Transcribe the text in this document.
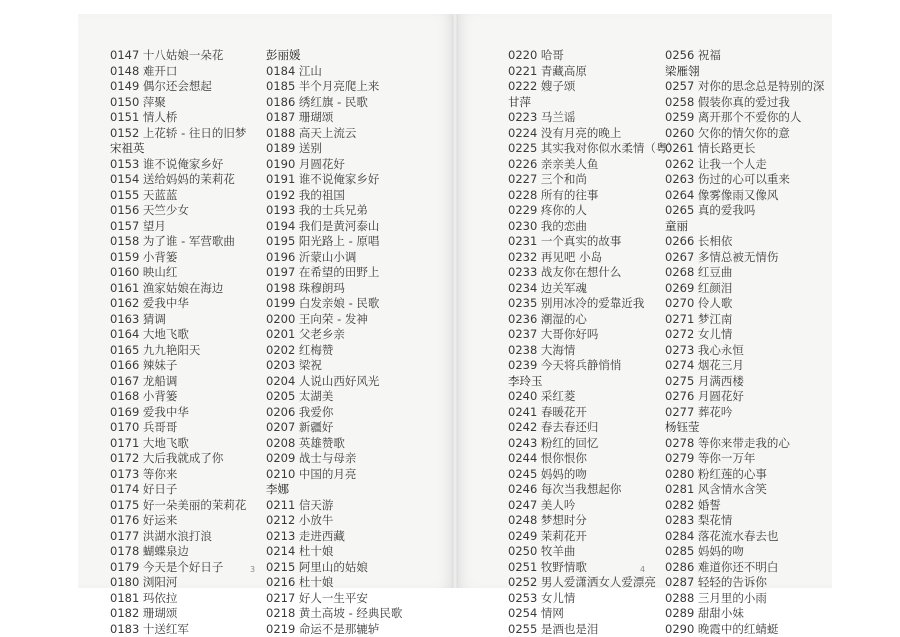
0147 十八姑娘一朵花
0148 难开口
0149 偶尔还会想起
0150 萍聚
0151 情人桥
0152 上花轿 - 往日的旧梦
宋祖英
0153 谁不说俺家乡好
0154 送给妈妈的茉莉花
0155 天蓝蓝
0156 天竺少女
0157 望月
0158 为了谁 - 军营歌曲
0159 小背篓
0160 映山红
0161 渔家姑娘在海边
0162 爱我中华
0163 猜调
0164 大地飞歌
0165 九九艳阳天
0166 辣妹子
0167 龙船调
0168 小背篓
0169 爱我中华
0170 兵哥哥
0171 大地飞歌
0172 大后我就成了你
0173 等你来
0174 好日子
0175 好一朵美丽的茉莉花
0176 好运来
0177 洪湖水浪打浪
0178 蝴蝶泉边
0179 今天是个好日子
0180 浏阳河
0181 玛依拉
0182 珊瑚颂
0183 十送红军
彭丽媛
0184 江山
0185 半个月亮爬上来
0186 绣红旗 - 民歌
0187 珊瑚颂
0188 高天上流云
0189 送别
0190 月圆花好
0191 谁不说俺家乡好
0192 我的祖国
0193 我的士兵兄弟
0194 我们是黄河泰山
0195 阳光路上 - 原唱
0196 沂蒙山小调
0197 在希望的田野上
0198 珠穆朗玛
0199 白发亲娘 - 民歌
0200 王向荣 - 发神
0201 父老乡亲
0202 红梅赞
0203 梁祝
0204 人说山西好风光
0205 太湖美
0206 我爱你
0207 新疆好
0208 英雄赞歌
0209 战士与母亲
0210 中国的月亮
李娜
0211 信天游
0212 小放牛
0213 走进西藏
0214 杜十娘
0215 阿里山的姑娘
0216 杜十娘
0217 好人一生平安
0218 黄土高坡 - 经典民歌
0219 命运不是那辘轳
3
0220 哈哥
0221 青藏高原
0222 嫂子颂
甘萍
0223 马兰谣
0224 没有月亮的晚上
0225 其实我对你似水柔情（粤）
0226 亲亲美人鱼
0227 三个和尚
0228 所有的往事
0229 疼你的人
0230 我的恋曲
0231 一个真实的故事
0232 再见吧 小岛
0233 战友你在想什么
0234 边关军魂
0235 别用冰冷的爱靠近我
0236 潮湿的心
0237 大哥你好吗
0238 大海情
0239 今天将兵静悄悄
李玲玉
0240 采红菱
0241 春暖花开
0242 春去春还归
0243 粉红的回忆
0244 恨你恨你
0245 妈妈的吻
0246 每次当我想起你
0247 美人吟
0248 梦想时分
0249 茉莉花开
0250 牧羊曲
0251 牧野情歌
0252 男人爱潇洒女人爱漂亮
0253 女儿情
0254 情网
0255 是酒也是泪
0256 祝福
梁雁翎
0257 对你的思念总是特别的深
0258 假装你真的爱过我
0259 离开那个不爱你的人
0260 欠你的情欠你的意
0261 情长路更长
0262 让我一个人走
0263 伤过的心可以重来
0264 像雾像雨又像风
0265 真的爱我吗
童丽
0266 长相依
0267 多情总被无情伤
0268 红豆曲
0269 红颜泪
0270 伶人歌
0271 梦江南
0272 女儿情
0273 我心永恒
0274 烟花三月
0275 月满西楼
0276 月圆花好
0277 葬花吟
杨钰莹
0278 等你来带走我的心
0279 等你一万年
0280 粉红莲的心事
0281 风含情水含笑
0282 婚誓
0283 梨花情
0284 落花流水春去也
0285 妈妈的吻
0286 难道你还不明白
0287 轻轻的告诉你
0288 三月里的小雨
0289 甜甜小妹
0290 晚霞中的红蜻蜓
4
